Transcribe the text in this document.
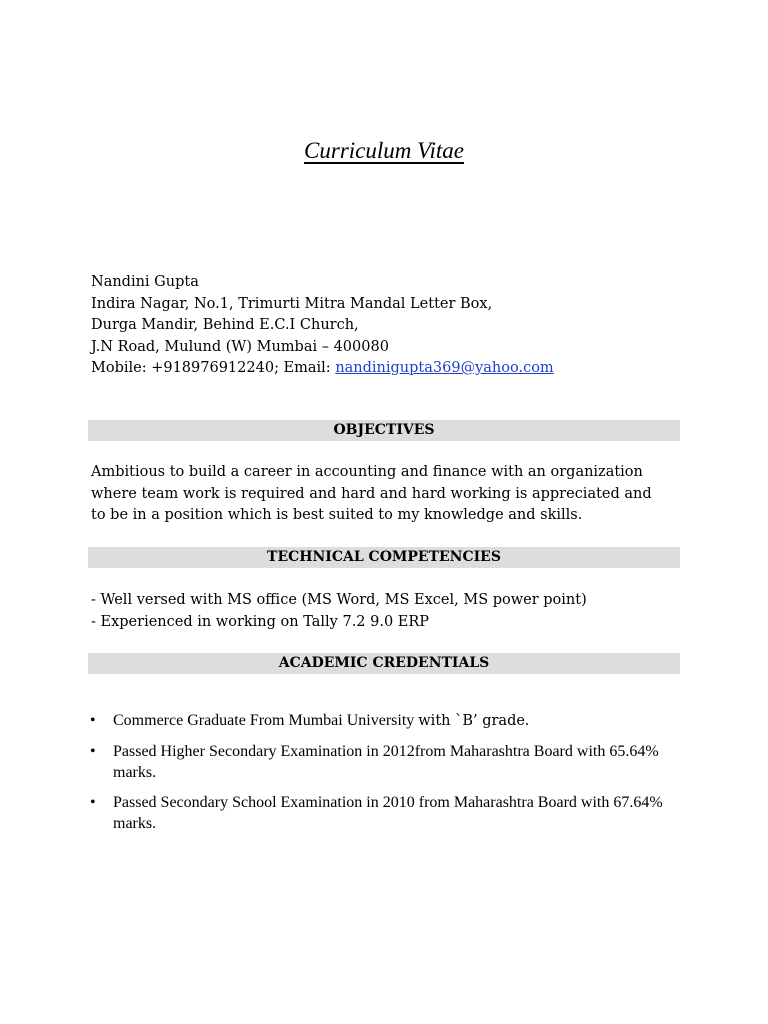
Curriculum Vitae
Nandini Gupta
Indira Nagar, No.1, Trimurti Mitra Mandal Letter Box,
Durga Mandir, Behind E.C.I Church,
J.N Road, Mulund (W) Mumbai – 400080
Mobile: +918976912240; Email: nandinigupta369@yahoo.com
OBJECTIVES
Ambitious to build a career in accounting and finance with an organization
where team work is required and hard and hard working is appreciated and
to be in a position which is best suited to my knowledge and skills.
TECHNICAL COMPETENCIES
- Well versed with MS office (MS Word, MS Excel, MS power point)
- Experienced in working on Tally 7.2 9.0 ERP
ACADEMIC CREDENTIALS
• Commerce Graduate From Mumbai University with `B’ grade.
• Passed Higher Secondary Examination in 2012from Maharashtra Board with 65.64% marks.
• Passed Secondary School Examination in 2010 from Maharashtra Board with 67.64% marks.
